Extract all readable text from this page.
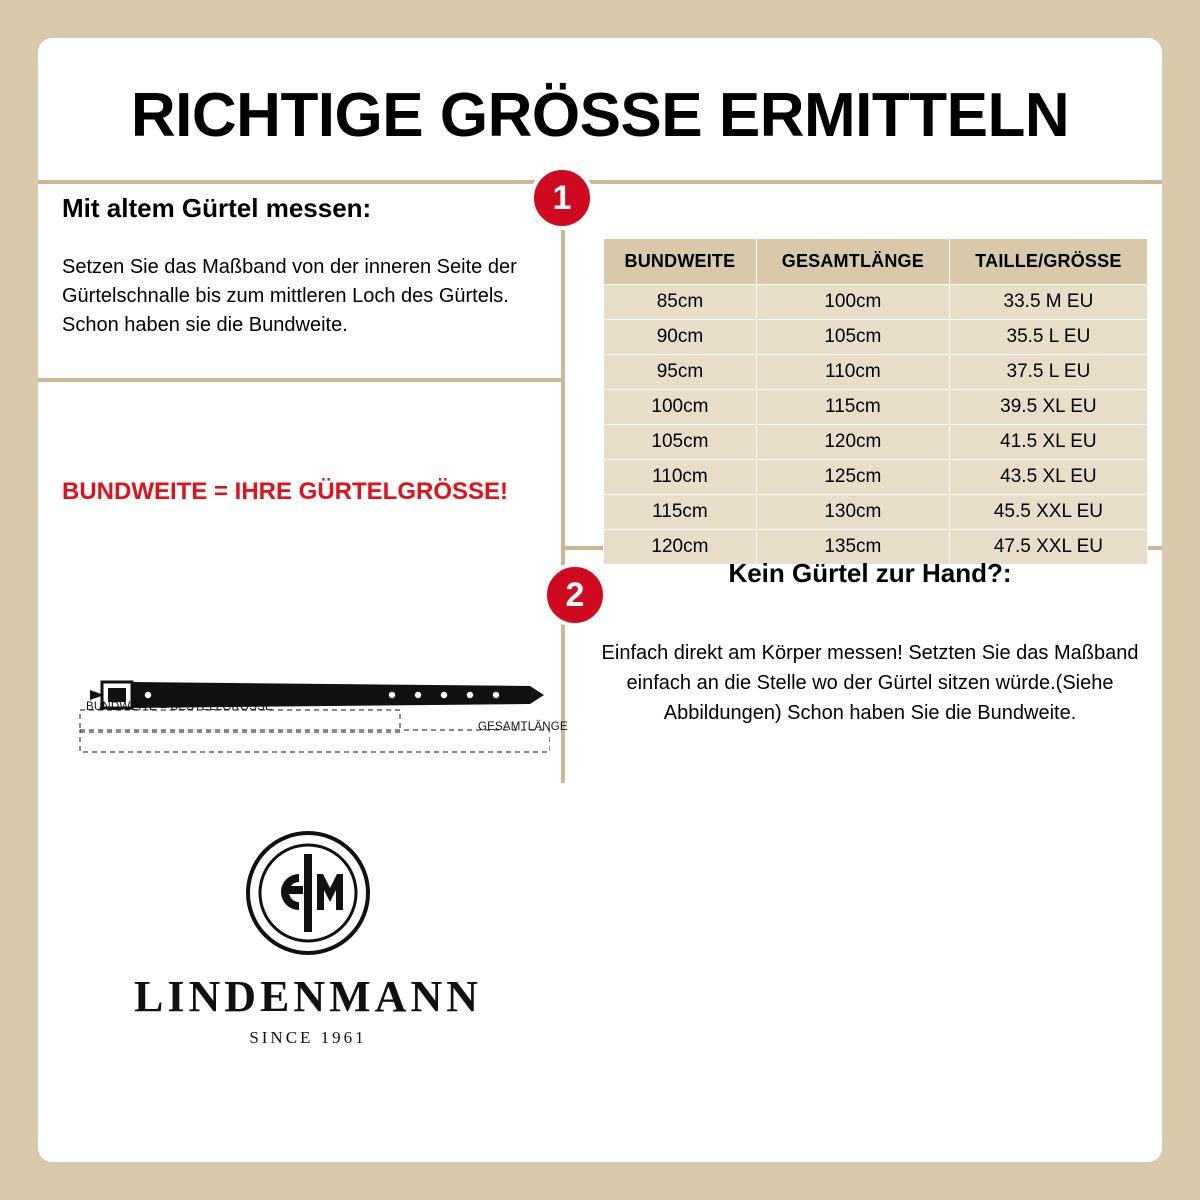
RICHTIGE GRÖSSE ERMITTELN
1
2
Mit altem Gürtel messen:
Setzen Sie das Maßband von der inneren Seite der Gürtelschnalle bis zum mittleren Loch des Gürtels. Schon haben sie die Bundweite.
BUNDWEITE = IHRE GÜRTELGRÖSSE!
BUNDWEITE = BESTELLGRÖSSE
GESAMTLÄNGE
LINDENMANN
SINCE 1961
BUNDWEITE	GESAMTLÄNGE	TAILLE/GRÖSSE
85cm	100cm	33.5 M EU
90cm	105cm	35.5 L EU
95cm	110cm	37.5 L EU
100cm	115cm	39.5 XL EU
105cm	120cm	41.5 XL EU
110cm	125cm	43.5 XL EU
115cm	130cm	45.5 XXL EU
120cm	135cm	47.5 XXL EU
Kein Gürtel zur Hand?:
Einfach direkt am Körper messen! Setzten Sie das Maßband einfach an die Stelle wo der Gürtel sitzen würde.(Siehe Abbildungen) Schon haben Sie die Bundweite.
